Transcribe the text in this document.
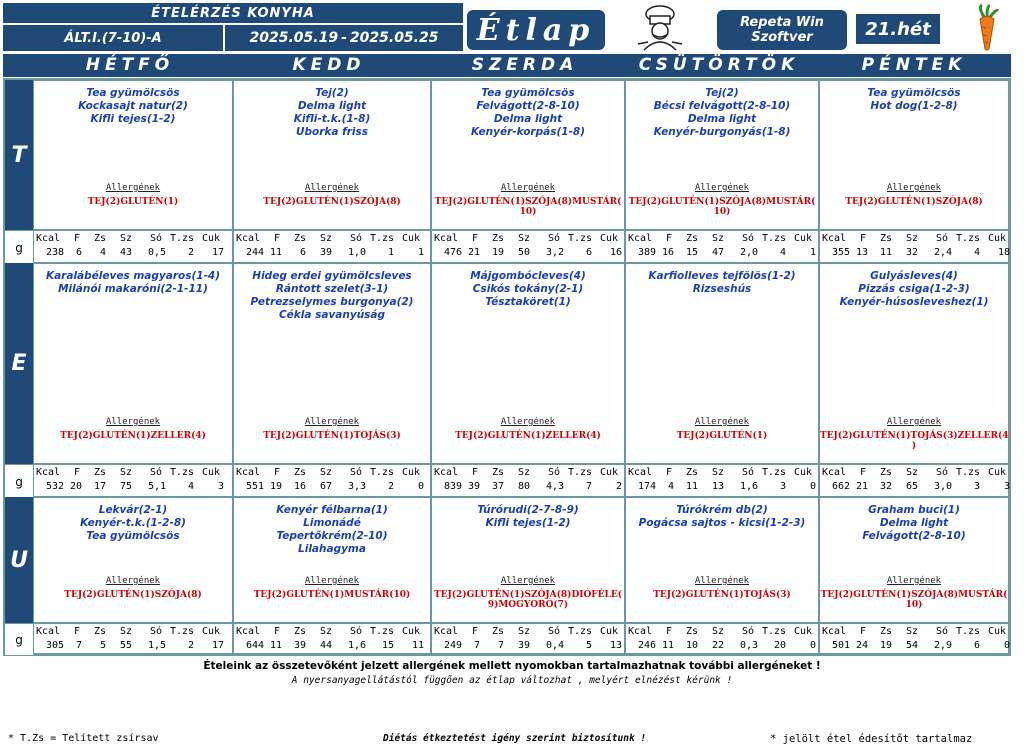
ÉTELÉRZÉS KONYHA
ÁLT.I.(7-10)-A	2025.05.19 - 2025.05.25 Étlap	Repeta Win
Szoftver	21.hét
HÉTFŐ	KEDD	SZERDA	CSÜTÖRTÖK	PÉNTEK
T
g
Tea gyümölcsös
Kockasajt natur(2)
Kifli tejes(1-2)
Allergének
TEJ(2)GLUTÉN(1)
Kcal	F	Zs	Sz	Só T.zs Cuk
238	6	4	43	0,5	2	17
Tej(2)
Delma light
Kifli-t.k.(1-8)
Uborka friss
Allergének
TEJ(2)GLUTÉN(1)SZÓJA(8)
Kcal	F	Zs	Sz	Só T.zs Cuk
244 11	6	39	1,0	1	1
Tea gyümölcsös
Felvágott(2-8-10)
Delma light
Kenyér-korpás(1-8)
Allergének
TEJ(2)GLUTÉN(1)SZÓJA(8)MUSTÁR(
10)
Kcal	F	Zs	Sz	Só T.zs Cuk
476 21	19	50	3,2	6	16
Tej(2)
Bécsi felvágott(2-8-10)
Delma light
Kenyér-burgonyás(1-8)
Allergének
TEJ(2)GLUTÉN(1)SZÓJA(8)MUSTÁR(
10)
Kcal	F	Zs	Sz	Só T.zs Cuk
389 16	15	47	2,0	4	1
Tea gyümölcsös
Hot dog(1-2-8)
Allergének
TEJ(2)GLUTÉN(1)SZÓJA(8)
Kcal	F	Zs	Sz	Só T.zs Cuk
355 13	11	32	2,4	4	18
E
g
Karalábéleves magyaros(1-4)
Milánói makaróni(2-1-11)
Allergének
TEJ(2)GLUTÉN(1)ZELLER(4)
Kcal	F	Zs	Sz	Só T.zs Cuk
532 20	17	75	5,1	4	3
Hideg erdei gyümölcsleves
Rántott szelet(3-1)
Petrezselymes burgonya(2)
Cékla savanyúság
Allergének
TEJ(2)GLUTÉN(1)TOJÁS(3)
Kcal	F	Zs	Sz	Só T.zs Cuk
551 19	16	67	3,3	2	0
Májgombócleves(4)
Csikós tokány(2-1)
Tésztaköret(1)
Allergének
TEJ(2)GLUTÉN(1)ZELLER(4)
Kcal	F	Zs	Sz	Só T.zs Cuk
839 39	37	80	4,3	7	2
Karfiolleves tejfölös(1-2)
Rizseshús
Allergének
TEJ(2)GLUTÉN(1)
Kcal	F	Zs	Sz	Só T.zs Cuk
174	4	11	13	1,6	3	0
Gulyásleves(4)
Pizzás csiga(1-2-3)
Kenyér-húsosleveshez(1)
Allergének
TEJ(2)GLUTÉN(1)TOJÁS(3)ZELLER(4
)
Kcal	F	Zs	Sz	Só T.zs Cuk
662 21	32	65	3,0	3	3
U
g
Lekvár(2-1)
Kenyér-t.k.(1-2-8)
Tea gyümölcsös
Allergének
TEJ(2)GLUTÉN(1)SZÓJA(8)
Kcal	F	Zs	Sz	Só T.zs Cuk
305	7	5	55	1,5	2	17
Kenyér félbarna(1)
Limonádé
Tepertőkrém(2-10)
Lilahagyma
Allergének
TEJ(2)GLUTÉN(1)MUSTÁR(10)
Kcal	F	Zs	Sz	Só T.zs Cuk
644 11	39	44	1,6	15	11
Túrórudi(2-7-8-9)
Kifli tejes(1-2)
Allergének
TEJ(2)GLUTÉN(1)SZÓJA(8)DIÓFÉLE(
9)MOGYORÓ(7)
Kcal	F	Zs	Sz	Só T.zs Cuk
249	7	7	39	0,4	5	13
Túrókrém db(2)
Pogácsa sajtos - kicsi(1-2-3)
Allergének
TEJ(2)GLUTÉN(1)TOJÁS(3)
Kcal	F	Zs	Sz	Só T.zs Cuk
246 11	10	22	0,3	20	0
Graham buci(1)
Delma light
Felvágott(2-8-10)
Allergének
TEJ(2)GLUTÉN(1)SZÓJA(8)MUSTÁR(
10)
Kcal	F	Zs	Sz	Só T.zs Cuk
501 24	19	54	2,9	6	0
Ételeink az összetevőként jelzett allergének mellett nyomokban tartalmazhatnak további allergéneket !
A nyersanyagellátástól függően az étlap változhat , melyért elnézést kérünk !
* T.Zs = Telített zsírsav	Diétás étkeztetést igény szerint biztosítunk !	* jelölt étel édesítőt tartalmaz
